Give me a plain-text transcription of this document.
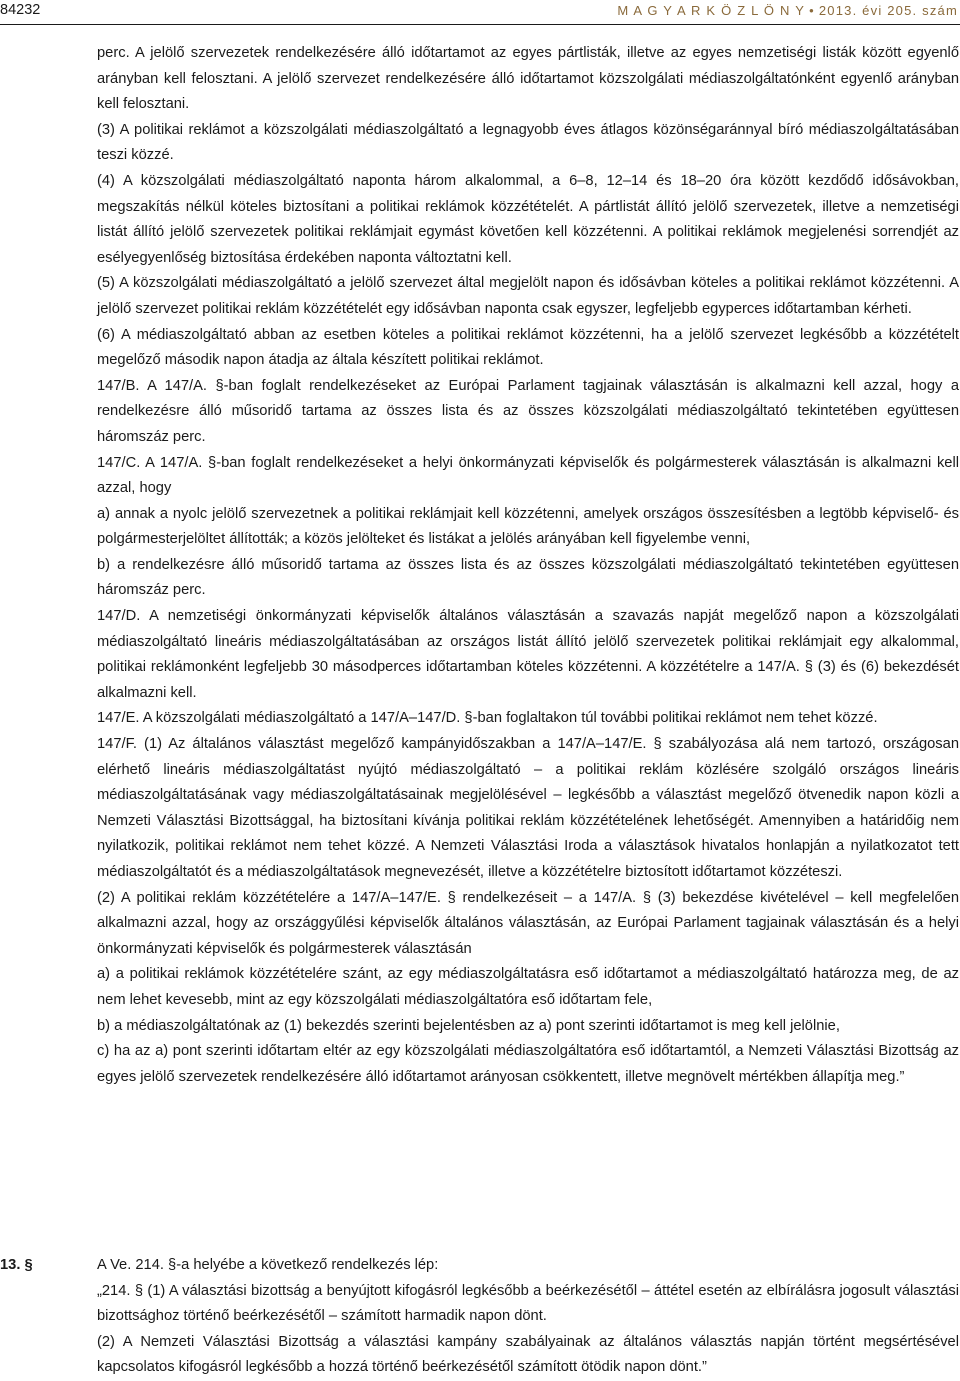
84232	M A G Y A R K Ö Z L Ö N Y • 2013. évi 205. szám

perc. A jelölő szervezetek rendelkezésére álló időtartamot az egyes pártlisták, illetve az egyes nemzetiségi listák között egyenlő arányban kell felosztani. A jelölő szervezet rendelkezésére álló időtartamot közszolgálati médiaszolgáltatónként egyenlő arányban kell felosztani.

(3) A politikai reklámot a közszolgálati médiaszolgáltató a legnagyobb éves átlagos közönségaránnyal bíró médiaszolgáltatásában teszi közzé.

(4) A közszolgálati médiaszolgáltató naponta három alkalommal, a 6–8, 12–14 és 18–20 óra között kezdődő idősávokban, megszakítás nélkül köteles biztosítani a politikai reklámok közzétételét. A pártlistát állító jelölő szervezetek, illetve a nemzetiségi listát állító jelölő szervezetek politikai reklámjait egymást követően kell közzétenni. A politikai reklámok megjelenési sorrendjét az esélyegyenlőség biztosítása érdekében naponta változtatni kell.

(5) A közszolgálati médiaszolgáltató a jelölő szervezet által megjelölt napon és idősávban köteles a politikai reklámot közzétenni. A jelölő szervezet politikai reklám közzétételét egy idősávban naponta csak egyszer, legfeljebb egyperces időtartamban kérheti.

(6) A médiaszolgáltató abban az esetben köteles a politikai reklámot közzétenni, ha a jelölő szervezet legkésőbb a közzétételt megelőző második napon átadja az általa készített politikai reklámot.

147/B. A 147/A. §-ban foglalt rendelkezéseket az Európai Parlament tagjainak választásán is alkalmazni kell azzal, hogy a rendelkezésre álló műsoridő tartama az összes lista és az összes közszolgálati médiaszolgáltató tekintetében együttesen háromszáz perc.

147/C. A 147/A. §-ban foglalt rendelkezéseket a helyi önkormányzati képviselők és polgármesterek választásán is alkalmazni kell azzal, hogy

a) annak a nyolc jelölő szervezetnek a politikai reklámjait kell közzétenni, amelyek országos összesítésben a legtöbb képviselő- és polgármesterjelöltet állították; a közös jelölteket és listákat a jelölés arányában kell figyelembe venni,

b) a rendelkezésre álló műsoridő tartama az összes lista és az összes közszolgálati médiaszolgáltató tekintetében együttesen háromszáz perc.

147/D. A nemzetiségi önkormányzati képviselők általános választásán a szavazás napját megelőző napon a közszolgálati médiaszolgáltató lineáris médiaszolgáltatásában az országos listát állító jelölő szervezetek politikai reklámjait egy alkalommal, politikai reklámonként legfeljebb 30 másodperces időtartamban köteles közzétenni. A közzétételre a 147/A. § (3) és (6) bekezdését alkalmazni kell.

147/E. A közszolgálati médiaszolgáltató a 147/A–147/D. §-ban foglaltakon túl további politikai reklámot nem tehet közzé.

147/F. (1) Az általános választást megelőző kampányidőszakban a 147/A–147/E. § szabályozása alá nem tartozó, országosan elérhető lineáris médiaszolgáltatást nyújtó médiaszolgáltató – a politikai reklám közlésére szolgáló országos lineáris médiaszolgáltatásának vagy médiaszolgáltatásainak megjelölésével – legkésőbb a választást megelőző ötvenedik napon közli a Nemzeti Választási Bizottsággal, ha biztosítani kívánja politikai reklám közzétételének lehetőségét. Amennyiben a határidőig nem nyilatkozik, politikai reklámot nem tehet közzé. A Nemzeti Választási Iroda a választások hivatalos honlapján a nyilatkozatot tett médiaszolgáltatót és a médiaszolgáltatások megnevezését, illetve a közzétételre biztosított időtartamot közzéteszi.

(2) A politikai reklám közzétételére a 147/A–147/E. § rendelkezéseit – a 147/A. § (3) bekezdése kivételével – kell megfelelően alkalmazni azzal, hogy az országgyűlési képviselők általános választásán, az Európai Parlament tagjainak választásán és a helyi önkormányzati képviselők és polgármesterek választásán

a) a politikai reklámok közzétételére szánt, az egy médiaszolgáltatásra eső időtartamot a médiaszolgáltató határozza meg, de az nem lehet kevesebb, mint az egy közszolgálati médiaszolgáltatóra eső időtartam fele,

b) a médiaszolgáltatónak az (1) bekezdés szerinti bejelentésben az a) pont szerinti időtartamot is meg kell jelölnie,

c) ha az a) pont szerinti időtartam eltér az egy közszolgálati médiaszolgáltatóra eső időtartamtól, a Nemzeti Választási Bizottság az egyes jelölő szervezetek rendelkezésére álló időtartamot arányosan csökkentett, illetve megnövelt mértékben állapítja meg.”

13. §	A Ve. 214. §-a helyébe a következő rendelkezés lép:

„214. § (1) A választási bizottság a benyújtott kifogásról legkésőbb a beérkezésétől – áttétel esetén az elbírálásra jogosult választási bizottsághoz történő beérkezésétől – számított harmadik napon dönt.

(2) A Nemzeti Választási Bizottság a választási kampány szabályainak az általános választás napján történt megsértésével kapcsolatos kifogásról legkésőbb a hozzá történő beérkezésétől számított ötödik napon dönt.”
